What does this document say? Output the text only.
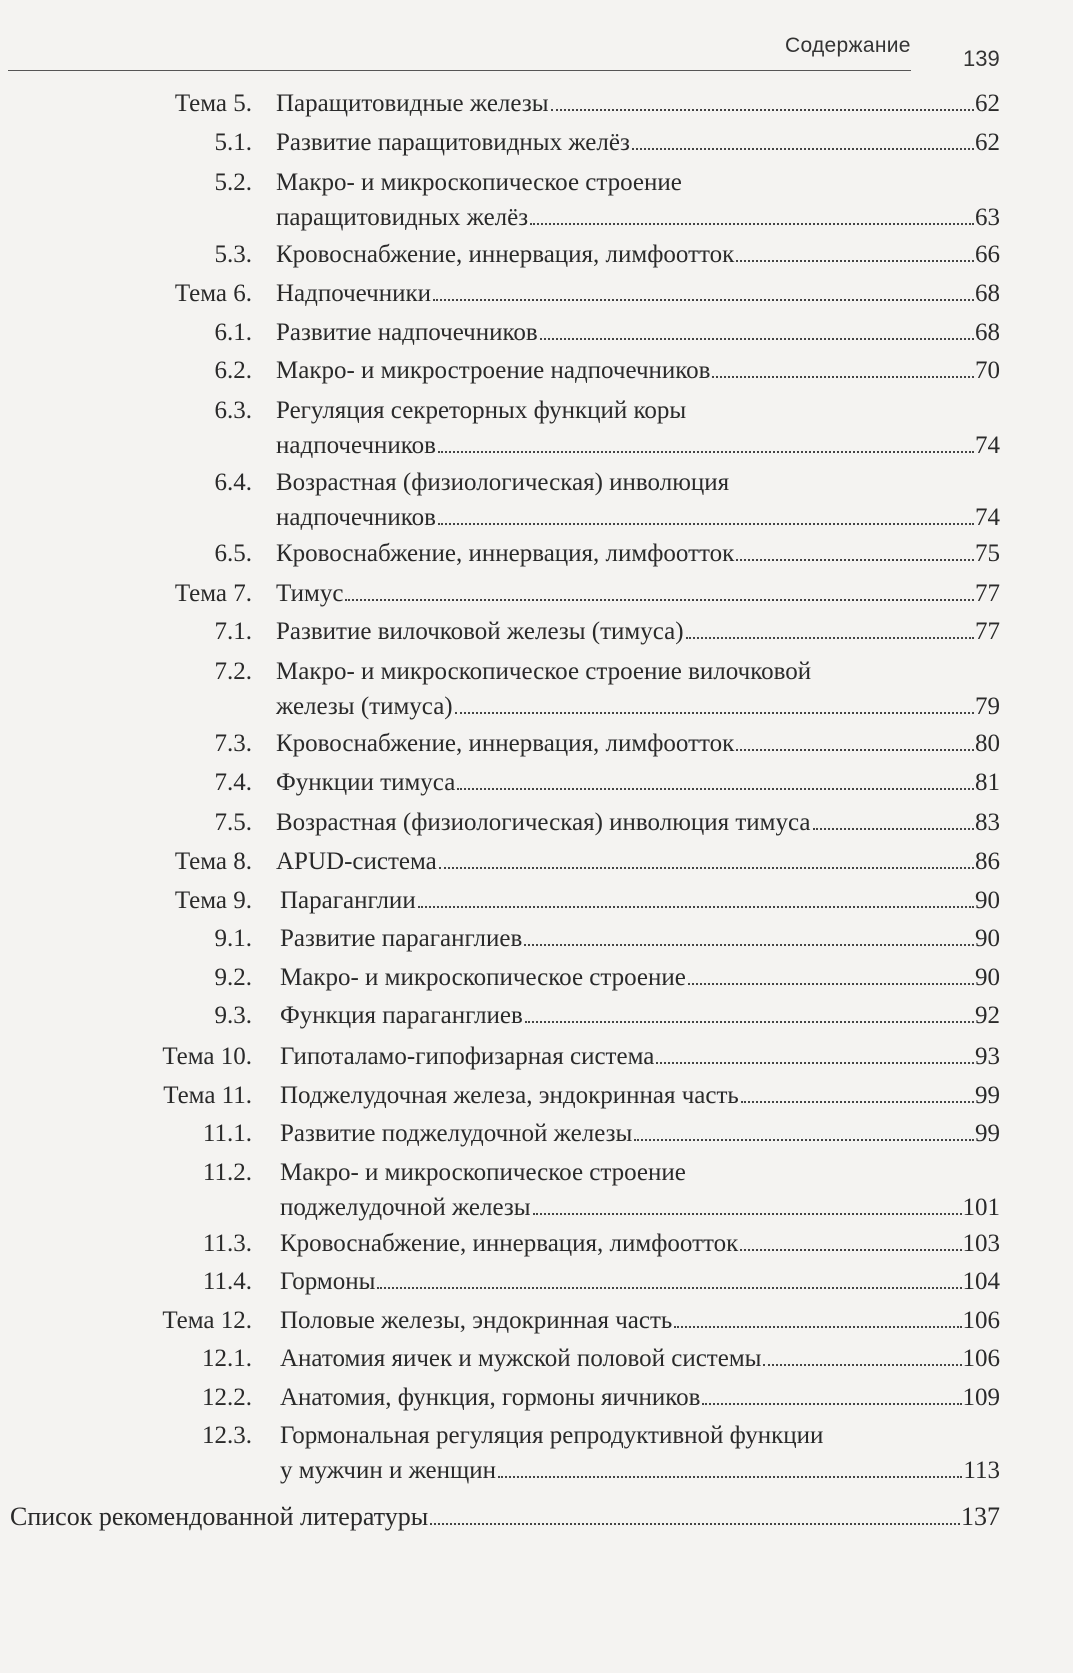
Содержание
139
Тема 5. Паращитовидные железы	62
5.1. Развитие паращитовидных желёз	62
5.2. Макро- и микроскопическое строение
паращитовидных желёз	63
5.3. Кровоснабжение, иннервация, лимфоотток	66
Тема 6. Надпочечники	68
6.1. Развитие надпочечников	68
6.2. Макро- и микростроение надпочечников	70
6.3. Регуляция секреторных функций коры
надпочечников	74
6.4. Возрастная (физиологическая) инволюция
надпочечников	74
6.5. Кровоснабжение, иннервация, лимфоотток	75
Тема 7. Тимус	77
7.1. Развитие вилочковой железы (тимуса)	77
7.2. Макро- и микроскопическое строение вилочковой
железы (тимуса)	79
7.3. Кровоснабжение, иннервация, лимфоотток	80
7.4. Функции тимуса	81
7.5. Возрастная (физиологическая) инволюция тимуса	83
Тема 8. APUD-система	86
Тема 9. Параганглии	90
9.1. Развитие параганглиев	90
9.2. Макро- и микроскопическое строение	90
9.3. Функция параганглиев	92
Тема 10. Гипоталамо-гипофизарная система	93
Тема 11. Поджелудочная железа, эндокринная часть	99
11.1. Развитие поджелудочной железы	99
11.2. Макро- и микроскопическое строение
поджелудочной железы	101
11.3. Кровоснабжение, иннервация, лимфоотток	103
11.4. Гормоны	104
Тема 12. Половые железы, эндокринная часть	106
12.1. Анатомия яичек и мужской половой системы	106
12.2. Анатомия, функция, гормоны яичников	109
12.3. Гормональная регуляция репродуктивной функции
у мужчин и женщин	113
Список рекомендованной литературы	137
